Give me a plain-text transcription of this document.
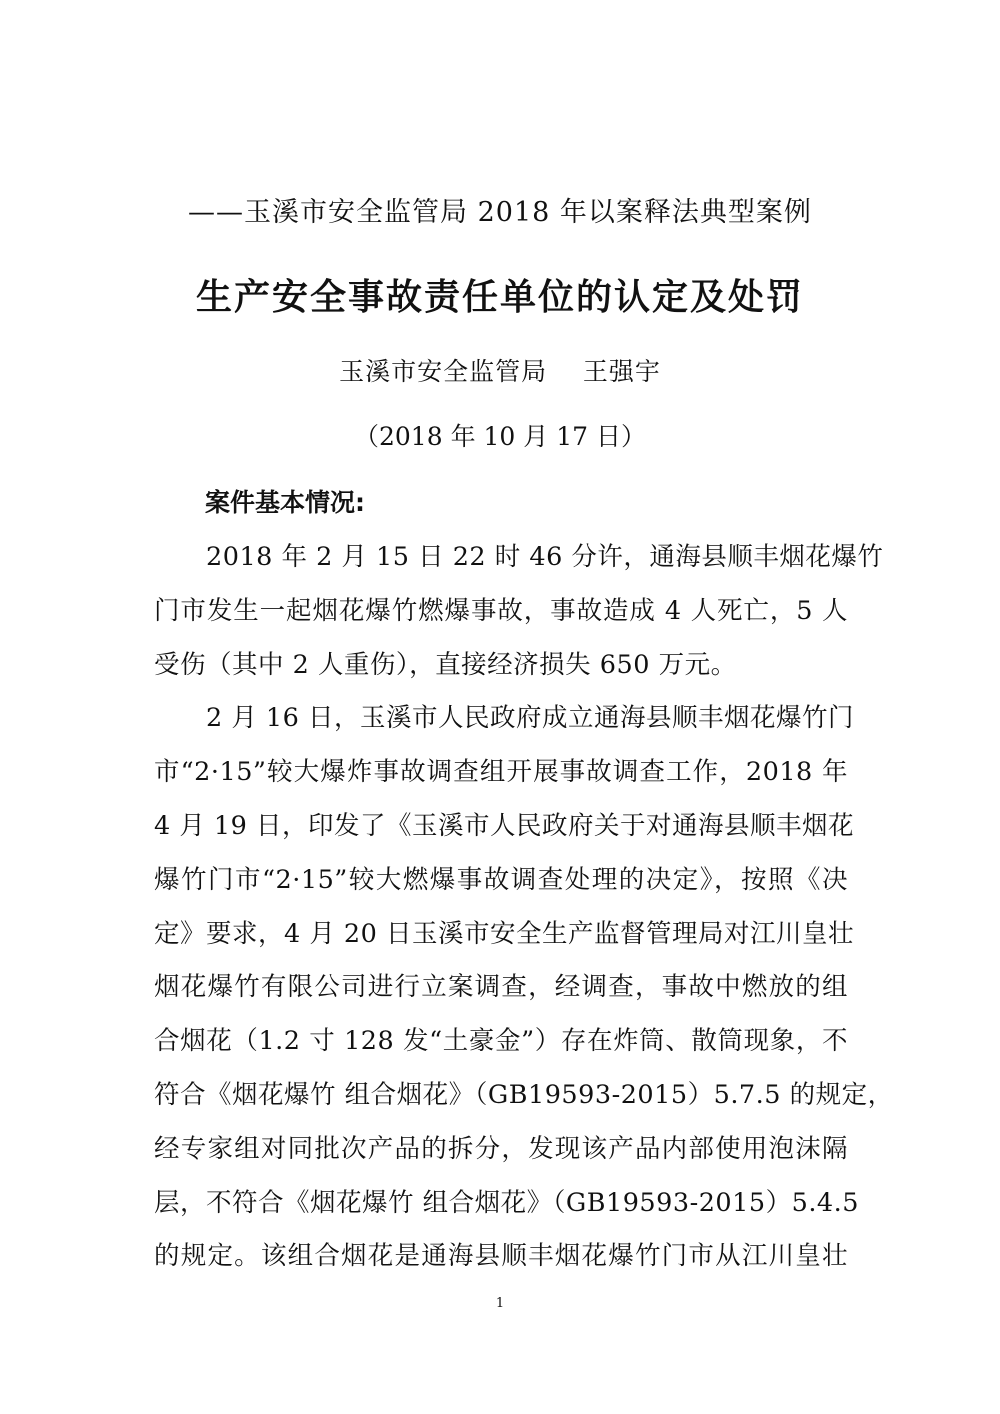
——玉溪市安全监管局 2018 年以案释法典型案例
生产安全事故责任单位的认定及处罚
玉溪市安全监管局    王强宇
（2018 年 10 月 17 日）
案件基本情况:
2018 年 2 月 15 日 22 时 46 分许，通海县顺丰烟花爆竹
门市发生一起烟花爆竹燃爆事故，事故造成 4 人死亡，5 人
受伤（其中 2 人重伤），直接经济损失 650 万元。
2 月 16 日，玉溪市人民政府成立通海县顺丰烟花爆竹门
市“2·15”较大爆炸事故调查组开展事故调查工作，2018 年
4 月 19 日，印发了《玉溪市人民政府关于对通海县顺丰烟花
爆竹门市“2·15”较大燃爆事故调查处理的决定》，按照《决
定》要求，4 月 20 日玉溪市安全生产监督管理局对江川皇壮
烟花爆竹有限公司进行立案调查，经调查，事故中燃放的组
合烟花（1.2 寸 128 发“土豪金”）存在炸筒、散筒现象，不
符合《烟花爆竹 组合烟花》（GB19593-2015）5.7.5 的规定，
经专家组对同批次产品的拆分，发现该产品内部使用泡沫隔
层，不符合《烟花爆竹 组合烟花》（GB19593-2015）5.4.5
的规定。该组合烟花是通海县顺丰烟花爆竹门市从江川皇壮
1
